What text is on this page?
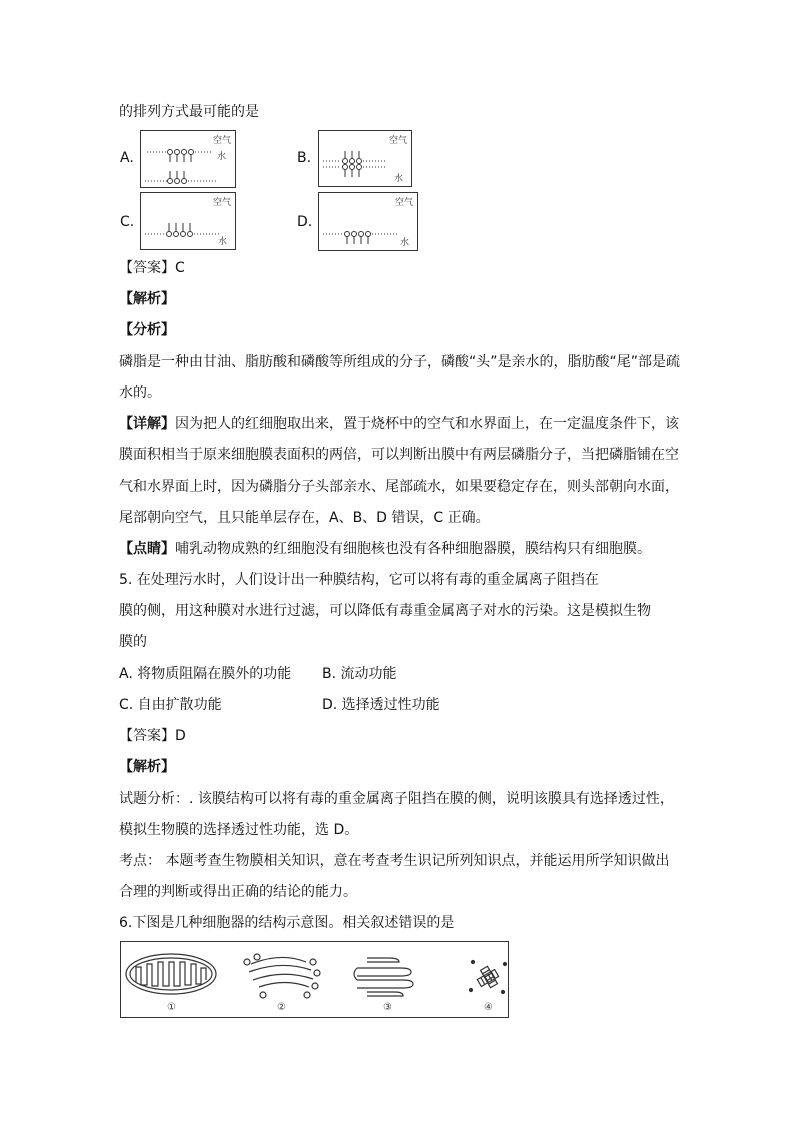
的排列方式最可能的是
A.
空气
水	B.
空气
水
C.
空气
水
D.
空气
水
【答案】C
【解析】
【分析】
磷脂是一种由甘油、脂肪酸和磷酸等所组成的分子，磷酸“头”是亲水的，脂肪酸“尾”部是疏
水的。
【详解】因为把人的红细胞取出来，置于烧杯中的空气和水界面上，在一定温度条件下，该
膜面积相当于原来细胞膜表面积的两倍，可以判断出膜中有两层磷脂分子，当把磷脂铺在空
气和水界面上时，因为磷脂分子头部亲水、尾部疏水，如果要稳定存在，则头部朝向水面，
尾部朝向空气，且只能单层存在，A、B、D 错误，C 正确。
【点睛】哺乳动物成熟的红细胞没有细胞核也没有各种细胞器膜，膜结构只有细胞膜。
5. 在处理污水时，人们设计出一种膜结构，它可以将有毒的重金属离子阻挡在
膜的侧，用这种膜对水进行过滤，可以降低有毒重金属离子对水的污染。这是模拟生物
膜的
A. 将物质阻隔在膜外的功能 B. 流动功能
C. 自由扩散功能	D. 选择透过性功能
【答案】D
【解析】
试题分析：. 该膜结构可以将有毒的重金属离子阻挡在膜的侧，说明该膜具有选择透过性，
模拟生物膜的选择透过性功能，选 D。
考点： 本题考查生物膜相关知识，意在考查考生识记所列知识点，并能运用所学知识做出
合理的判断或得出正确的结论的能力。
6.下图是几种细胞器的结构示意图。相关叙述错误的是
①	②	③	④
